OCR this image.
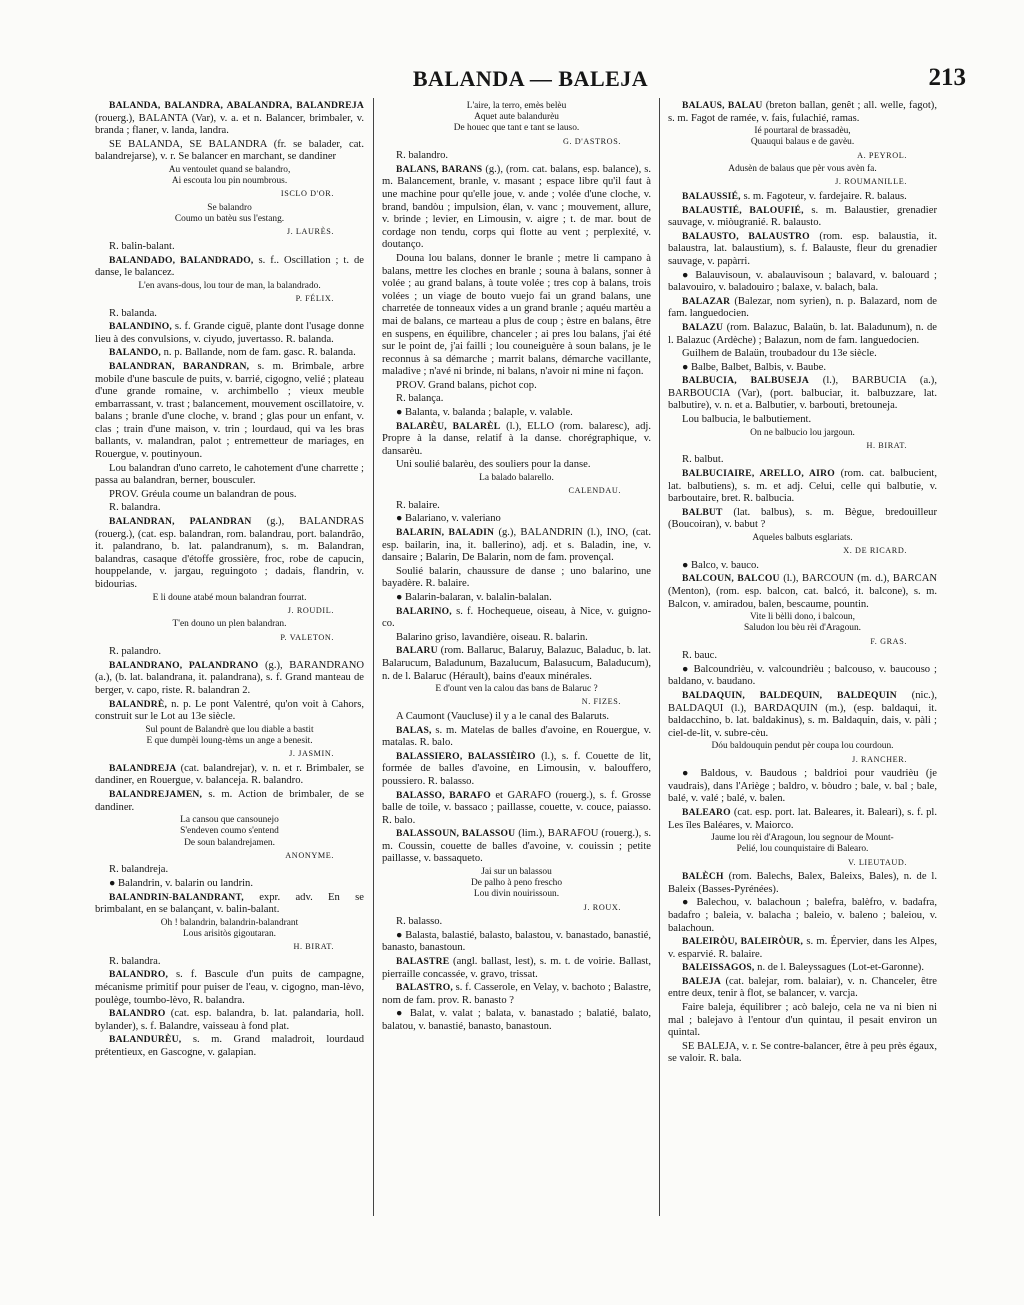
BALANDA — BALEJA	213

BALANDA, BALANDRA, ABALANDRA, BALANDREJA (rouerg.), BALANTA (Var), v. a. et n. Balancer, brimbaler, v. branda ; flaner, v. landa, landra.

SE BALANDA, SE BALANDRA (fr. se balader, cat. balandrejarse), v. r. Se balancer en marchant, se dandiner

Au ventoulet quand se balandro,
Ai escouta lou pin noumbrous.

ISCLO D'OR.

Se balandro
Coumo un batèu sus l'estang.

J. LAURÈS.

R. balin-balant.

BALANDADO, BALANDRADO, s. f.. Oscillation ; t. de danse, le balancez.

L'en avans-dous, lou tour de man, la balandrado.

P. FÉLIX.

R. balanda.

BALANDINO, s. f. Grande ciguë, plante dont l'usage donne lieu à des convulsions, v. ciyudo, juvertasso. R. balanda.

BALANDO, n. p. Ballande, nom de fam. gasc. R. balanda.

BALANDRAN, BARANDRAN, s. m. Brimbale, arbre mobile d'une bascule de puits, v. barrié, cigogno, velié ; plateau d'une grande romaine, v. archimbello ; vieux meuble embarrassant, v. trast ; balancement, mouvement oscillatoire, v. balans ; branle d'une cloche, v. brand ; glas pour un enfant, v. clas ; train d'une maison, v. trin ; lourdaud, qui va les bras ballants, v. malandran, palot ; entremetteur de mariages, en Rouergue, v. poutinyoun.

Lou balandran d'uno carreto, le cahotement d'une charrette ; passa au balandran, berner, bousculer.

PROV. Gréula coume un balandran de pous.

R. balandra.

BALANDRAN, PALANDRAN (g.), BALANDRAS (rouerg.), (cat. esp. balandran, rom. balandrau, port. balandrão, it. palandrano, b. lat. palandranum), s. m. Balandran, balandras, casaque d'étoffe grossière, froc, robe de capucin, houppelande, v. jargau, reguingoto ; dadais, flandrin, v. bidourias.

E li doune atabé moun balandran fourrat.

J. ROUDIL.

T'en douno un plen balandran.

P. VALETON.

R. palandro.

BALANDRANO, PALANDRANO (g.), BARANDRANO (a.), (b. lat. balandrana, it. palandrana), s. f. Grand manteau de berger, v. capo, riste. R. balandran 2.

BALANDRÈ, n. p. Le pont Valentré, qu'on voit à Cahors, construit sur le Lot au 13e siècle.

Sul pount de Balandrè que lou diable a bastit
E que dumpèi loung-tèms un ange a benesit.

J. JASMIN.

BALANDREJA (cat. balandrejar), v. n. et r. Brimbaler, se dandiner, en Rouergue, v. balanceja. R. balandro.

BALANDREJAMEN, s. m. Action de brimbaler, de se dandiner.

La cansou que cansounejo
S'endeven coumo s'entend
De soun balandrejamen.

ANONYME.

R. balandreja.

● Balandrin, v. balarin ou landrin.

BALANDRIN-BALANDRANT, expr. adv. En se brimbalant, en se balançant, v. balin-balant.

Oh ! balandrin, balandrin-balandrant
Lous arisitòs gigoutaran.

H. BIRAT.

R. balandra.

BALANDRO, s. f. Bascule d'un puits de campagne, mécanisme primitif pour puiser de l'eau, v. cigogno, man-lèvo, poulège, toumbo-lèvo, R. balandra.

BALANDRO (cat. esp. balandra, b. lat. palandaria, holl. bylander), s. f. Balandre, vaisseau à fond plat.

BALANDURÈU, s. m. Grand maladroit, lourdaud prétentieux, en Gascogne, v. galapian.

L'aire, la terro, emès belèu
Aquet aute balandurèu
De houec que tant e tant se lauso.

G. D'ASTROS.

R. balandro.

BALANS, BARANS (g.), (rom. cat. balans, esp. balance), s. m. Balancement, branle, v. masant ; espace libre qu'il faut à une machine pour qu'elle joue, v. ande ; volée d'une cloche, v. brand, bandòu ; impulsion, élan, v. vanc ; mouvement, allure, v. brinde ; levier, en Limousin, v. aigre ; t. de mar. bout de cordage non tendu, corps qui flotte au vent ; perplexité, v. doutanço.

Douna lou balans, donner le branle ; metre li campano à balans, mettre les cloches en branle ; souna à balans, sonner à volée ; au grand balans, à toute volée ; tres cop à balans, trois volées ; un viage de bouto vuejo fai un grand balans, une charretée de tonneaux vides a un grand branle ; aquéu martèu a mai de balans, ce marteau a plus de coup ; èstre en balans, être en suspens, en équilibre, chanceler ; ai pres lou balans, j'ai été sur le point de, j'ai failli ; lou couneiguère à soun balans, je le reconnus à sa démarche ; marrit balans, démarche vacillante, maladive ; n'avé ni brinde, ni balans, n'avoir ni mine ni façon.

PROV. Grand balans, pichot cop.

R. balança.

● Balanta, v. balanda ; balaple, v. valable.

BALARÈU, BALARÈL (l.), ELLO (rom. balaresc), adj. Propre à la danse, relatif à la danse. chorégraphique, v. dansarèu.

Uni soulié balarèu, des souliers pour la danse.

La balado balarello.

CALENDAU.

R. balaire.

● Balariano, v. valeriano

BALARIN, BALADIN (g.), BALANDRIN (l.), INO, (cat. esp. bailarin, ina, it. ballerino), adj. et s. Baladin, ine, v. dansaire ; Balarin, De Balarin, nom de fam. provençal.

Soulié balarin, chaussure de danse ; uno balarino, une bayadère. R. balaire.

● Balarin-balaran, v. balalin-balalan.

BALARINO, s. f. Hochequeue, oiseau, à Nice, v. guigno-co.

Balarino griso, lavandière, oiseau. R. balarin.

BALARU (rom. Ballaruc, Balaruy, Balazuc, Baladuc, b. lat. Balarucum, Baladunum, Bazalucum, Balasucum, Baladucum), n. de l. Balaruc (Hérault), bains d'eaux minérales.

E d'ount ven la calou das bans de Balaruc ?

N. FIZES.

A Caumont (Vaucluse) il y a le canal des Balaruts.

BALAS, s. m. Matelas de balles d'avoine, en Rouergue, v. matalas. R. balo.

BALASSIERO, BALASSIÈIRO (l.), s. f. Couette de lit, formée de balles d'avoine, en Limousin, v. balouffero, poussiero. R. balasso.

BALASSO, BARAFO et GARAFO (rouerg.), s. f. Grosse balle de toile, v. bassaco ; paillasse, couette, v. couce, paiasso. R. balo.

BALASSOUN, BALASSOU (lim.), BARAFOU (rouerg.), s. m. Coussin, couette de balles d'avoine, v. couissin ; petite paillasse, v. bassaqueto.

Jai sur un balassou
De palho à peno frescho
Lou divin nouirissoun.

J. ROUX.

R. balasso.

● Balasta, balastié, balasto, balastou, v. banastado, banastié, banasto, banastoun.

BALASTRE (angl. ballast, lest), s. m. t. de voirie. Ballast, pierraille concassée, v. gravo, trissat.

BALASTRO, s. f. Casserole, en Velay, v. bachoto ; Balastre, nom de fam. prov. R. banasto ?

● Balat, v. valat ; balata, v. banastado ; balatié, balato, balatou, v. banastié, banasto, banastoun.

BALAUS, BALAU (breton ballan, genêt ; all. welle, fagot), s. m. Fagot de ramée, v. fais, fulachié, ramas.

Ié pourtaral de brassadèu,
Quauqui balaus e de gavèu.

A. PEYROL.

Adusèn de balaus que pèr vous avèn fa.

J. ROUMANILLE.

BALAUSSIÉ, s. m. Fagoteur, v. fardejaire. R. balaus.

BALAUSTIÉ, BALOUFIÉ, s. m. Balaustier, grenadier sauvage, v. miòugranié. R. balausto.

BALAUSTO, BALAUSTRO (rom. esp. balaustia, it. balaustra, lat. balaustium), s. f. Balauste, fleur du grenadier sauvage, v. papàrri.

● Balauvisoun, v. abalauvisoun ; balavard, v. balouard ; balavouiro, v. baladouiro ; balaxe, v. balach, bala.

BALAZAR (Balezar, nom syrien), n. p. Balazard, nom de fam. languedocien.

BALAZU (rom. Balazuc, Balaün, b. lat. Baladunum), n. de l. Balazuc (Ardèche) ; Balazun, nom de fam. languedocien.

Guilhem de Balaün, troubadour du 13e siècle.

● Balbe, Balbet, Balbis, v. Baube.

BALBUCIA, BALBUSEJA (l.), BARBUCIA (a.), BARBOUCIA (Var), (port. balbuciar, it. balbuzzare, lat. balbutire), v. n. et a. Balbutier, v. barbouti, bretouneja.

Lou balbucia, le balbutiement.

On ne balbucio lou jargoun.

H. BIRAT.

R. balbut.

BALBUCIAIRE, ARELLO, AIRO (rom. cat. balbucient, lat. balbutiens), s. m. et adj. Celui, celle qui balbutie, v. barboutaire, bret. R. balbucia.

BALBUT (lat. balbus), s. m. Bègue, bredouilleur (Boucoiran), v. babut ?

Aqueles balbuts esglariats.

X. DE RICARD.

● Balco, v. bauco.

BALCOUN, BALCOU (l.), BARCOUN (m. d.), BARCAN (Menton), (rom. esp. balcon, cat. balcó, it. balcone), s. m. Balcon, v. amiradou, balen, bescaume, pountin.

Vite li bèlli dono, i balcoun,
Saludon lou bèu rèi d'Aragoun.

F. GRAS.

R. bauc.

● Balcoundrièu, v. valcoundrièu ; balcouso, v. baucouso ; baldano, v. baudano.

BALDAQUIN, BALDEQUIN, BALDEQUIN (nic.), BALDAQUI (l.), BARDAQUIN (m.), (esp. baldaqui, it. baldacchino, b. lat. baldakinus), s. m. Baldaquin, dais, v. pàli ; ciel-de-lit, v. subre-cèu.

Dóu baldouquin pendut pèr coupa lou courdoun.

J. RANCHER.

● Baldous, v. Baudous ; baldrioi pour vaudrièu (je vaudrais), dans l'Ariège ; baldro, v. bòudro ; bale, v. bal ; bale, balé, v. valé ; balé, v. balen.

BALEARO (cat. esp. port. lat. Baleares, it. Baleari), s. f. pl. Les îles Baléares, v. Maiorco.

Jaume lou rèi d'Aragoun, lou segnour de Mount-
Pelié, lou counquistaire di Balearo.

V. LIEUTAUD.

BALÈCH (rom. Balechs, Balex, Baleixs, Bales), n. de l. Baleix (Basses-Pyrénées).

● Balechou, v. balachoun ; balefra, balèfro, v. badafra, badafro ; baleia, v. balacha ; baleio, v. baleno ; baleiou, v. balachoun.

BALEIRÒU, BALEIRÒUR, s. m. Épervier, dans les Alpes, v. esparvié. R. balaire.

BALEISSAGOS, n. de l. Baleyssagues (Lot-et-Garonne).

BALEJA (cat. balejar, rom. balaiar), v. n. Chanceler, être entre deux, tenir à flot, se balancer, v. varcja.

Faire baleja, équilibrer ; acò balejo, cela ne va ni bien ni mal ; balejavo à l'entour d'un quintau, il pesait environ un quintal.

SE BALEJA, v. r. Se contre-balancer, être à peu près égaux, se valoir. R. bala.
